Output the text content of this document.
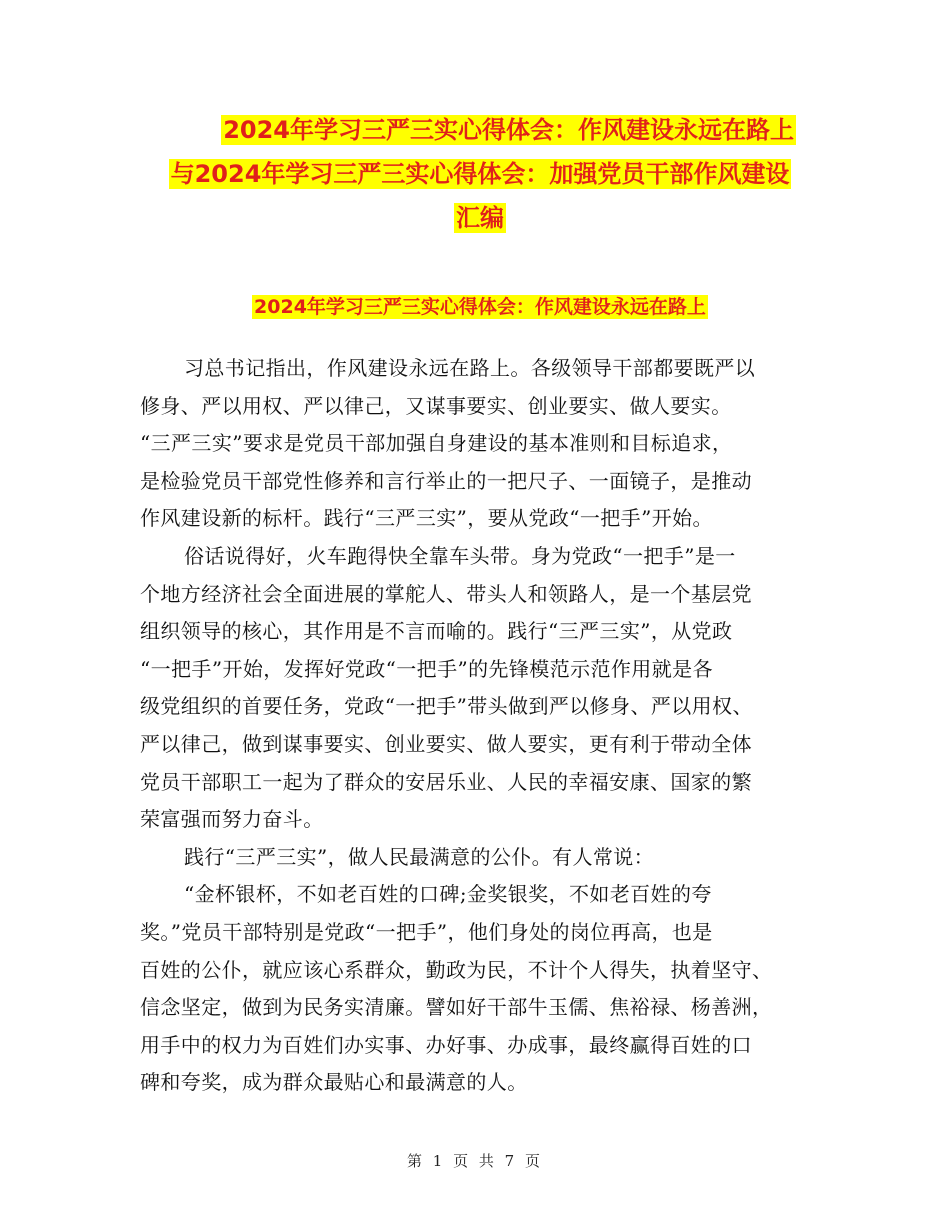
2024年学习三严三实心得体会：作风建设永远在路上
与2024年学习三严三实心得体会：加强党员干部作风建设
汇编
2024年学习三严三实心得体会：作风建设永远在路上
习总书记指出，作风建设永远在路上。各级领导干部都要既严以
修身、严以用权、严以律己，又谋事要实、创业要实、做人要实。
“三严三实”要求是党员干部加强自身建设的基本准则和目标追求，
是检验党员干部党性修养和言行举止的一把尺子、一面镜子，是推动
作风建设新的标杆。践行“三严三实”，要从党政“一把手”开始。
俗话说得好，火车跑得快全靠车头带。身为党政“一把手”是一
个地方经济社会全面进展的掌舵人、带头人和领路人，是一个基层党
组织领导的核心，其作用是不言而喻的。践行“三严三实”，从党政
“一把手”开始，发挥好党政“一把手”的先锋模范示范作用就是各
级党组织的首要任务，党政“一把手”带头做到严以修身、严以用权、
严以律己，做到谋事要实、创业要实、做人要实，更有利于带动全体
党员干部职工一起为了群众的安居乐业、人民的幸福安康、国家的繁
荣富强而努力奋斗。
践行“三严三实”，做人民最满意的公仆。有人常说：
“金杯银杯，不如老百姓的口碑;金奖银奖，不如老百姓的夸
奖。”党员干部特别是党政“一把手”，他们身处的岗位再高，也是
百姓的公仆，就应该心系群众，勤政为民，不计个人得失，执着坚守、
信念坚定，做到为民务实清廉。譬如好干部牛玉儒、焦裕禄、杨善洲，
用手中的权力为百姓们办实事、办好事、办成事，最终赢得百姓的口
碑和夸奖，成为群众最贴心和最满意的人。
第 1 页 共 7 页
